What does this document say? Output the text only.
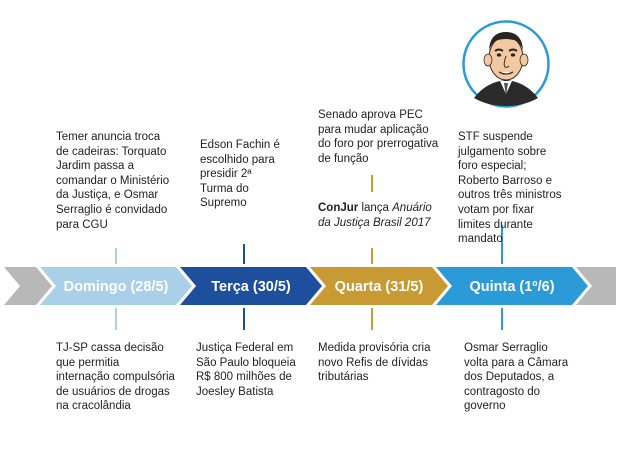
Domingo (28/5)	Terça (30/5)	Quarta (31/5)	Quinta (1º/6)
Temer anuncia troca de cadeiras: Torquato Jardim passa a comandar o Ministério da Justiça, e Osmar Serraglio é convidado para CGU
Edson Fachin é escolhido para presidir 2ª Turma do Supremo
Senado aprova PEC para mudar aplicação do foro por prerrogativa de função
ConJur lança Anuário da Justiça Brasil 2017
STF suspende julgamento sobre foro especial; Roberto Barroso e outros três ministros votam por fixar limites durante mandato
TJ-SP cassa decisão que permitia internação compulsória de usuários de drogas na cracolândia
Justiça Federal em São Paulo bloqueia R$ 800 milhões de Joesley Batista
Medida provisória cria novo Refis de dívidas tributárias
Osmar Serraglio volta para a Câmara dos Deputados, a contragosto do governo
